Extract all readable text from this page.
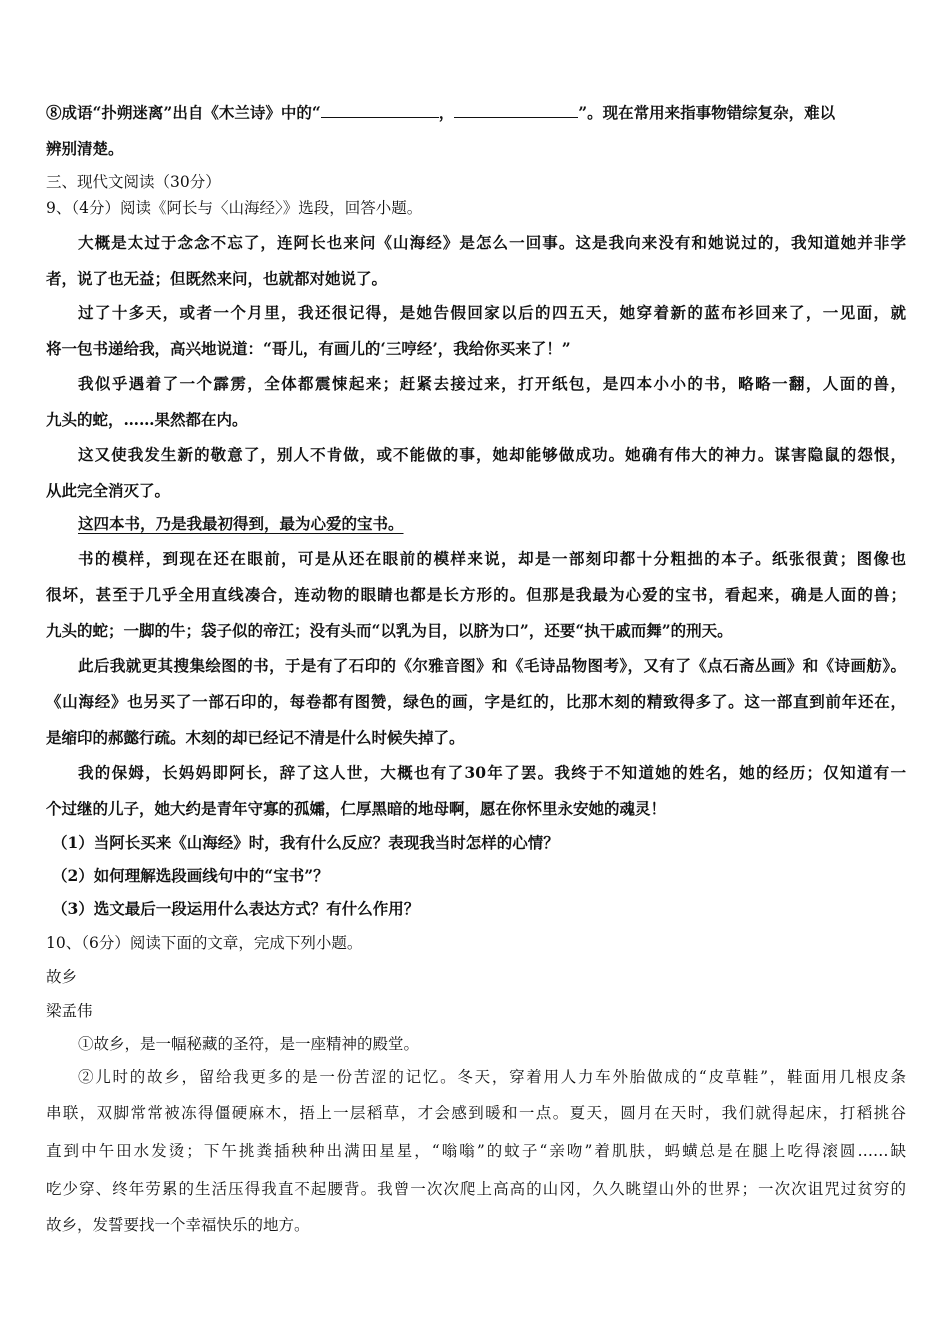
⑧成语“扑朔迷离”出自《木兰诗》中的“	，	”。现在常用来指事物错综复杂，难以
辨别清楚。
三、现代文阅读（30分）
9、（4分）阅读《阿长与〈山海经〉》选段，回答小题。
大概是太过于念念不忘了，连阿长也来问《山海经》是怎么一回事。这是我向来没有和她说过的，我知道她并非学
者，说了也无益；但既然来问，也就都对她说了。
过了十多天，或者一个月里，我还很记得，是她告假回家以后的四五天，她穿着新的蓝布衫回来了，一见面，就
将一包书递给我，高兴地说道：“哥儿，有画儿的‘三哼经’，我给你买来了！”
我似乎遇着了一个霹雳，全体都震悚起来；赶紧去接过来，打开纸包，是四本小小的书，略略一翻，人面的兽，
九头的蛇，……果然都在内。
这又使我发生新的敬意了，别人不肯做，或不能做的事，她却能够做成功。她确有伟大的神力。谋害隐鼠的怨恨，
从此完全消灭了。
这四本书，乃是我最初得到，最为心爱的宝书。
书的模样，到现在还在眼前，可是从还在眼前的模样来说，却是一部刻印都十分粗拙的本子。纸张很黄；图像也
很坏，甚至于几乎全用直线凑合，连动物的眼睛也都是长方形的。但那是我最为心爱的宝书，看起来，确是人面的兽；
九头的蛇；一脚的牛；袋子似的帝江；没有头而“以乳为目，以脐为口”，还要“执干戚而舞”的刑天。
此后我就更其搜集绘图的书，于是有了石印的《尔雅音图》和《毛诗品物图考》，又有了《点石斋丛画》和《诗画舫》。
《山海经》也另买了一部石印的，每卷都有图赞，绿色的画，字是红的，比那木刻的精致得多了。这一部直到前年还在，
是缩印的郝懿行疏。木刻的却已经记不清是什么时候失掉了。
我的保姆，长妈妈即阿长，辞了这人世，大概也有了30年了罢。我终于不知道她的姓名，她的经历；仅知道有一
个过继的儿子，她大约是青年守寡的孤孀，仁厚黑暗的地母啊，愿在你怀里永安她的魂灵！
（1）当阿长买来《山海经》时，我有什么反应？表现我当时怎样的心情？
（2）如何理解选段画线句中的“宝书”？
（3）选文最后一段运用什么表达方式？有什么作用？
10、（6分）阅读下面的文章，完成下列小题。
故乡
梁孟伟
①故乡，是一幅秘藏的圣符，是一座精神的殿堂。
②儿时的故乡，留给我更多的是一份苦涩的记忆。冬天，穿着用人力车外胎做成的“皮草鞋”，鞋面用几根皮条
串联，双脚常常被冻得僵硬麻木，捂上一层稻草，才会感到暖和一点。夏天，圆月在天时，我们就得起床，打稻挑谷
直到中午田水发烫；下午挑粪插秧种出满田星星，“嗡嗡”的蚊子“亲吻”着肌肤，蚂蟥总是在腿上吃得滚圆……缺
吃少穿、终年劳累的生活压得我直不起腰背。我曾一次次爬上高高的山冈，久久眺望山外的世界；一次次诅咒过贫穷的
故乡，发誓要找一个幸福快乐的地方。
